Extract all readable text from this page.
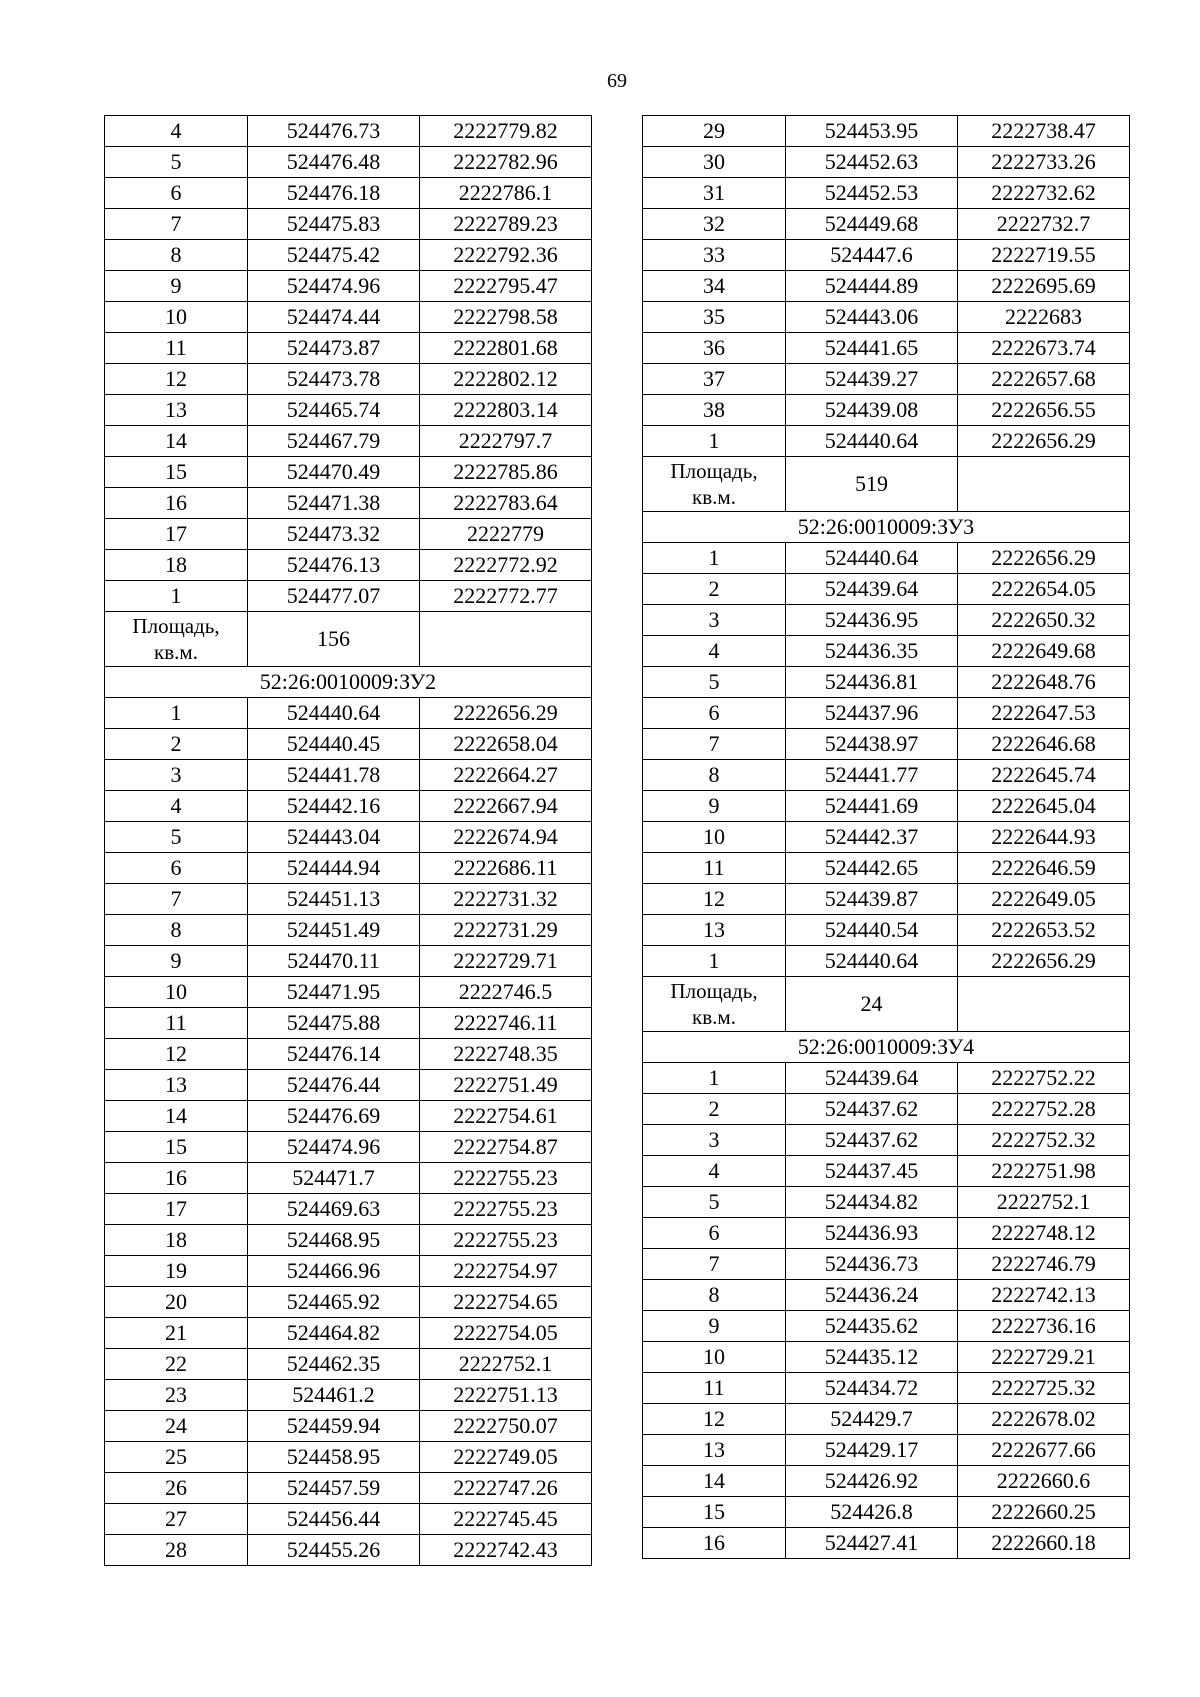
69
4	524476.73	2222779.82
5	524476.48	2222782.96
6	524476.18	2222786.1
7	524475.83	2222789.23
8	524475.42	2222792.36
9	524474.96	2222795.47
10	524474.44	2222798.58
11	524473.87	2222801.68
12	524473.78	2222802.12
13	524465.74	2222803.14
14	524467.79	2222797.7
15	524470.49	2222785.86
16	524471.38	2222783.64
17	524473.32	2222779
18	524476.13	2222772.92
1	524477.07	2222772.77

Площадь,
кв.м.	156	
52:26:0010009:ЗУ2		
1	524440.64	2222656.29
2	524440.45	2222658.04
3	524441.78	2222664.27
4	524442.16	2222667.94
5	524443.04	2222674.94
6	524444.94	2222686.11
7	524451.13	2222731.32
8	524451.49	2222731.29
9	524470.11	2222729.71
10	524471.95	2222746.5
11	524475.88	2222746.11
12	524476.14	2222748.35
13	524476.44	2222751.49
14	524476.69	2222754.61
15	524474.96	2222754.87
16	524471.7	2222755.23
17	524469.63	2222755.23
18	524468.95	2222755.23
19	524466.96	2222754.97
20	524465.92	2222754.65
21	524464.82	2222754.05
22	524462.35	2222752.1
23	524461.2	2222751.13
24	524459.94	2222750.07
25	524458.95	2222749.05
26	524457.59	2222747.26
27	524456.44	2222745.45
28	524455.26	2222742.43
29	524453.95	2222738.47
30	524452.63	2222733.26
31	524452.53	2222732.62
32	524449.68	2222732.7
33	524447.6	2222719.55
34	524444.89	2222695.69
35	524443.06	2222683
36	524441.65	2222673.74
37	524439.27	2222657.68
38	524439.08	2222656.55
1	524440.64	2222656.29

Площадь,
кв.м.	519	
52:26:0010009:ЗУ3		
1	524440.64	2222656.29
2	524439.64	2222654.05
3	524436.95	2222650.32
4	524436.35	2222649.68
5	524436.81	2222648.76
6	524437.96	2222647.53
7	524438.97	2222646.68
8	524441.77	2222645.74
9	524441.69	2222645.04
10	524442.37	2222644.93
11	524442.65	2222646.59
12	524439.87	2222649.05
13	524440.54	2222653.52
1	524440.64	2222656.29

Площадь,
кв.м.	24	
52:26:0010009:ЗУ4		
1	524439.64	2222752.22
2	524437.62	2222752.28
3	524437.62	2222752.32
4	524437.45	2222751.98
5	524434.82	2222752.1
6	524436.93	2222748.12
7	524436.73	2222746.79
8	524436.24	2222742.13
9	524435.62	2222736.16
10	524435.12	2222729.21
11	524434.72	2222725.32
12	524429.7	2222678.02
13	524429.17	2222677.66
14	524426.92	2222660.6
15	524426.8	2222660.25
16	524427.41	2222660.18
